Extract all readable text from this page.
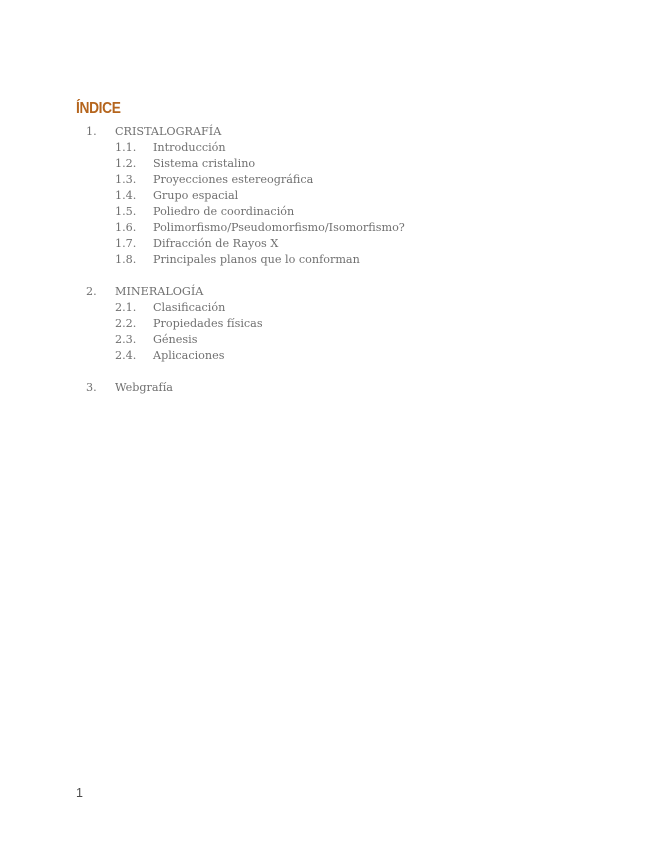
ÍNDICE
1. CRISTALOGRAFÍA
1.1. Introducción
1.2. Sistema cristalino
1.3. Proyecciones estereográfica
1.4. Grupo espacial
1.5. Poliedro de coordinación
1.6. Polimorfismo/Pseudomorfismo/Isomorfismo?
1.7. Difracción de Rayos X
1.8. Principales planos que lo conforman
2. MINERALOGÍA
2.1. Clasificación
2.2. Propiedades físicas
2.3. Génesis
2.4. Aplicaciones
3. Webgrafía
1
